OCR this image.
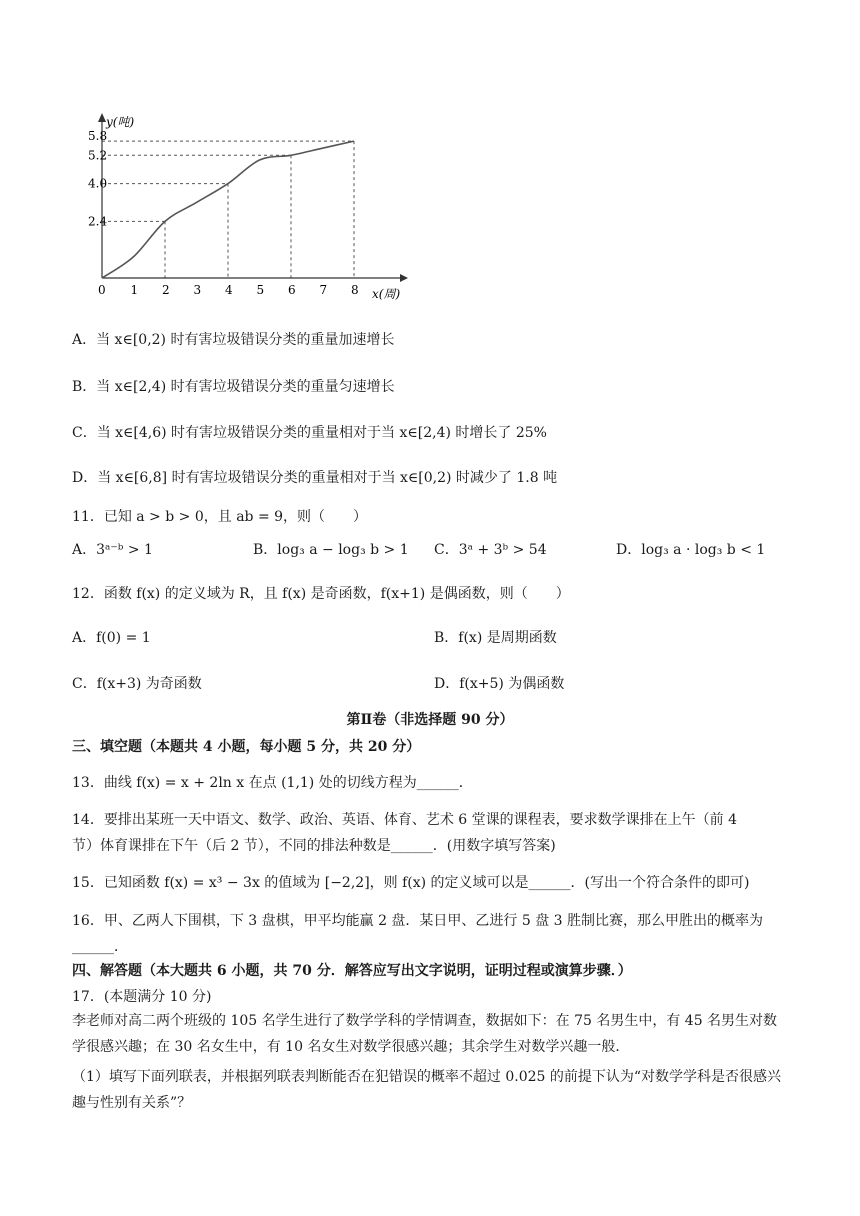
0 1 2 3 4 5 6 7 8
2.4
4.0
5.2
5.8
y(吨)
x(周)
A．当 x∈[0,2) 时有害垃圾错误分类的重量加速增长
B．当 x∈[2,4) 时有害垃圾错误分类的重量匀速增长
C．当 x∈[4,6) 时有害垃圾错误分类的重量相对于当 x∈[2,4) 时增长了 25%
D．当 x∈[6,8] 时有害垃圾错误分类的重量相对于当 x∈[0,2) 时减少了 1.8 吨
11．已知 a > b > 0，且 ab = 9，则（　　）
A．3ᵃ⁻ᵇ > 1	B．log₃ a − log₃ b > 1 C．3ᵃ + 3ᵇ > 54	D．log₃ a · log₃ b < 1
12．函数 f(x) 的定义域为 R，且 f(x) 是奇函数，f(x+1) 是偶函数，则（　　）
A．f(0) = 1	B．f(x) 是周期函数
C．f(x+3) 为奇函数	D．f(x+5) 为偶函数
第Ⅱ卷（非选择题 90 分）
三、填空题（本题共 4 小题，每小题 5 分，共 20 分）
13．曲线 f(x) = x + 2ln x 在点 (1,1) 处的切线方程为______．
14．要排出某班一天中语文、数学、政治、英语、体育、艺术 6 堂课的课程表，要求数学课排在上午（前 4
节）体育课排在下午（后 2 节），不同的排法种数是______．(用数字填写答案)
15．已知函数 f(x) = x³ − 3x 的值域为 [−2,2]，则 f(x) 的定义域可以是______．(写出一个符合条件的即可)
16．甲、乙两人下围棋，下 3 盘棋，甲平均能赢 2 盘．某日甲、乙进行 5 盘 3 胜制比赛，那么甲胜出的概率为
______．
四、解答题（本大题共 6 小题，共 70 分．解答应写出文字说明，证明过程或演算步骤．）
17．(本题满分 10 分)
李老师对高二两个班级的 105 名学生进行了数学学科的学情调查，数据如下：在 75 名男生中，有 45 名男生对数学很感兴趣；在 30 名女生中，有 10 名女生对数学很感兴趣；其余学生对数学兴趣一般．
（1）填写下面列联表，并根据列联表判断能否在犯错误的概率不超过 0.025 的前提下认为“对数学学科是否很感兴趣与性别有关系”？
